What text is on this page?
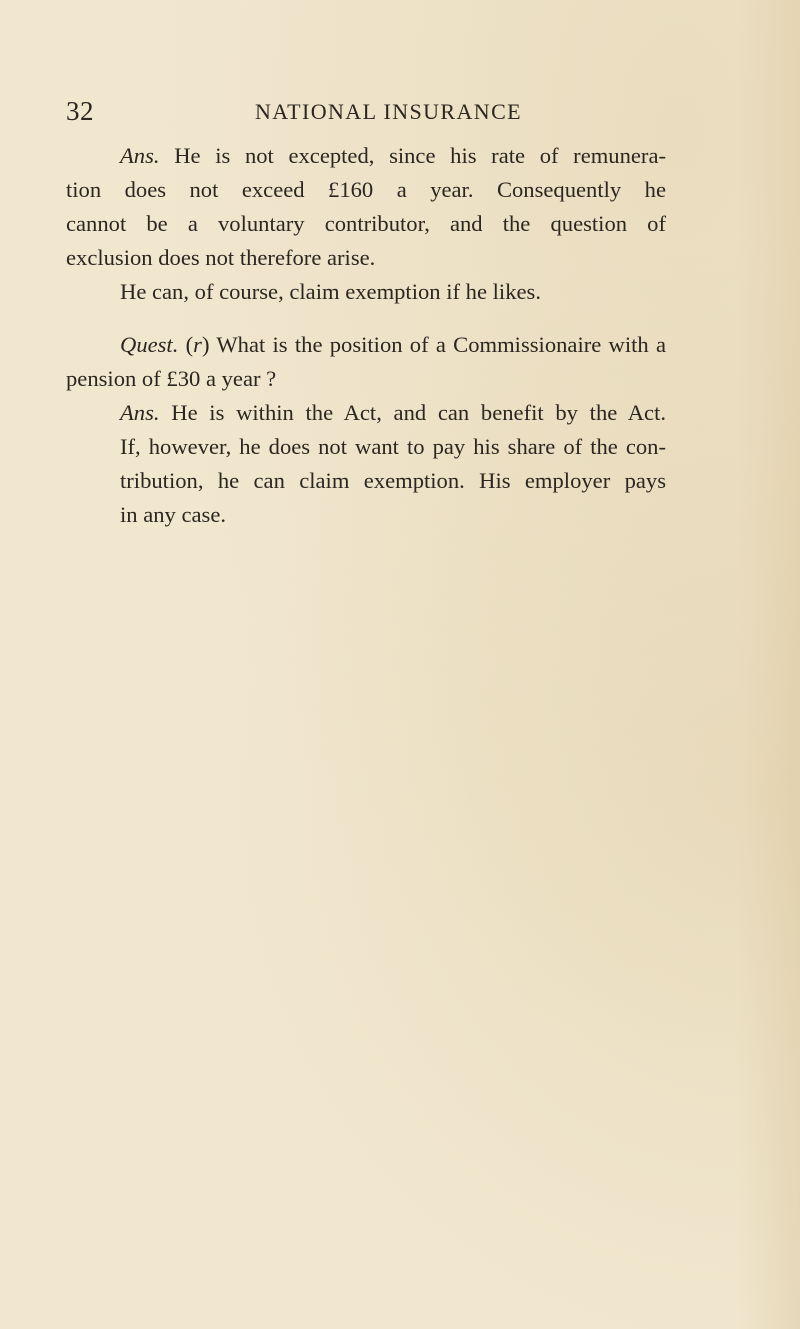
32	NATIONAL INSURANCE
Ans. He is not excepted, since his rate of remunera-
tion does not exceed £160 a year. Consequently he
cannot be a voluntary contributor, and the question of
exclusion does not therefore arise.
He can, of course, claim exemption if he likes.
Quest. (r) What is the position of a Commissionaire with a
pension of £30 a year ?
Ans. He is within the Act, and can benefit by the Act.
If, however, he does not want to pay his share of the con-
tribution, he can claim exemption. His employer pays
in any case.
